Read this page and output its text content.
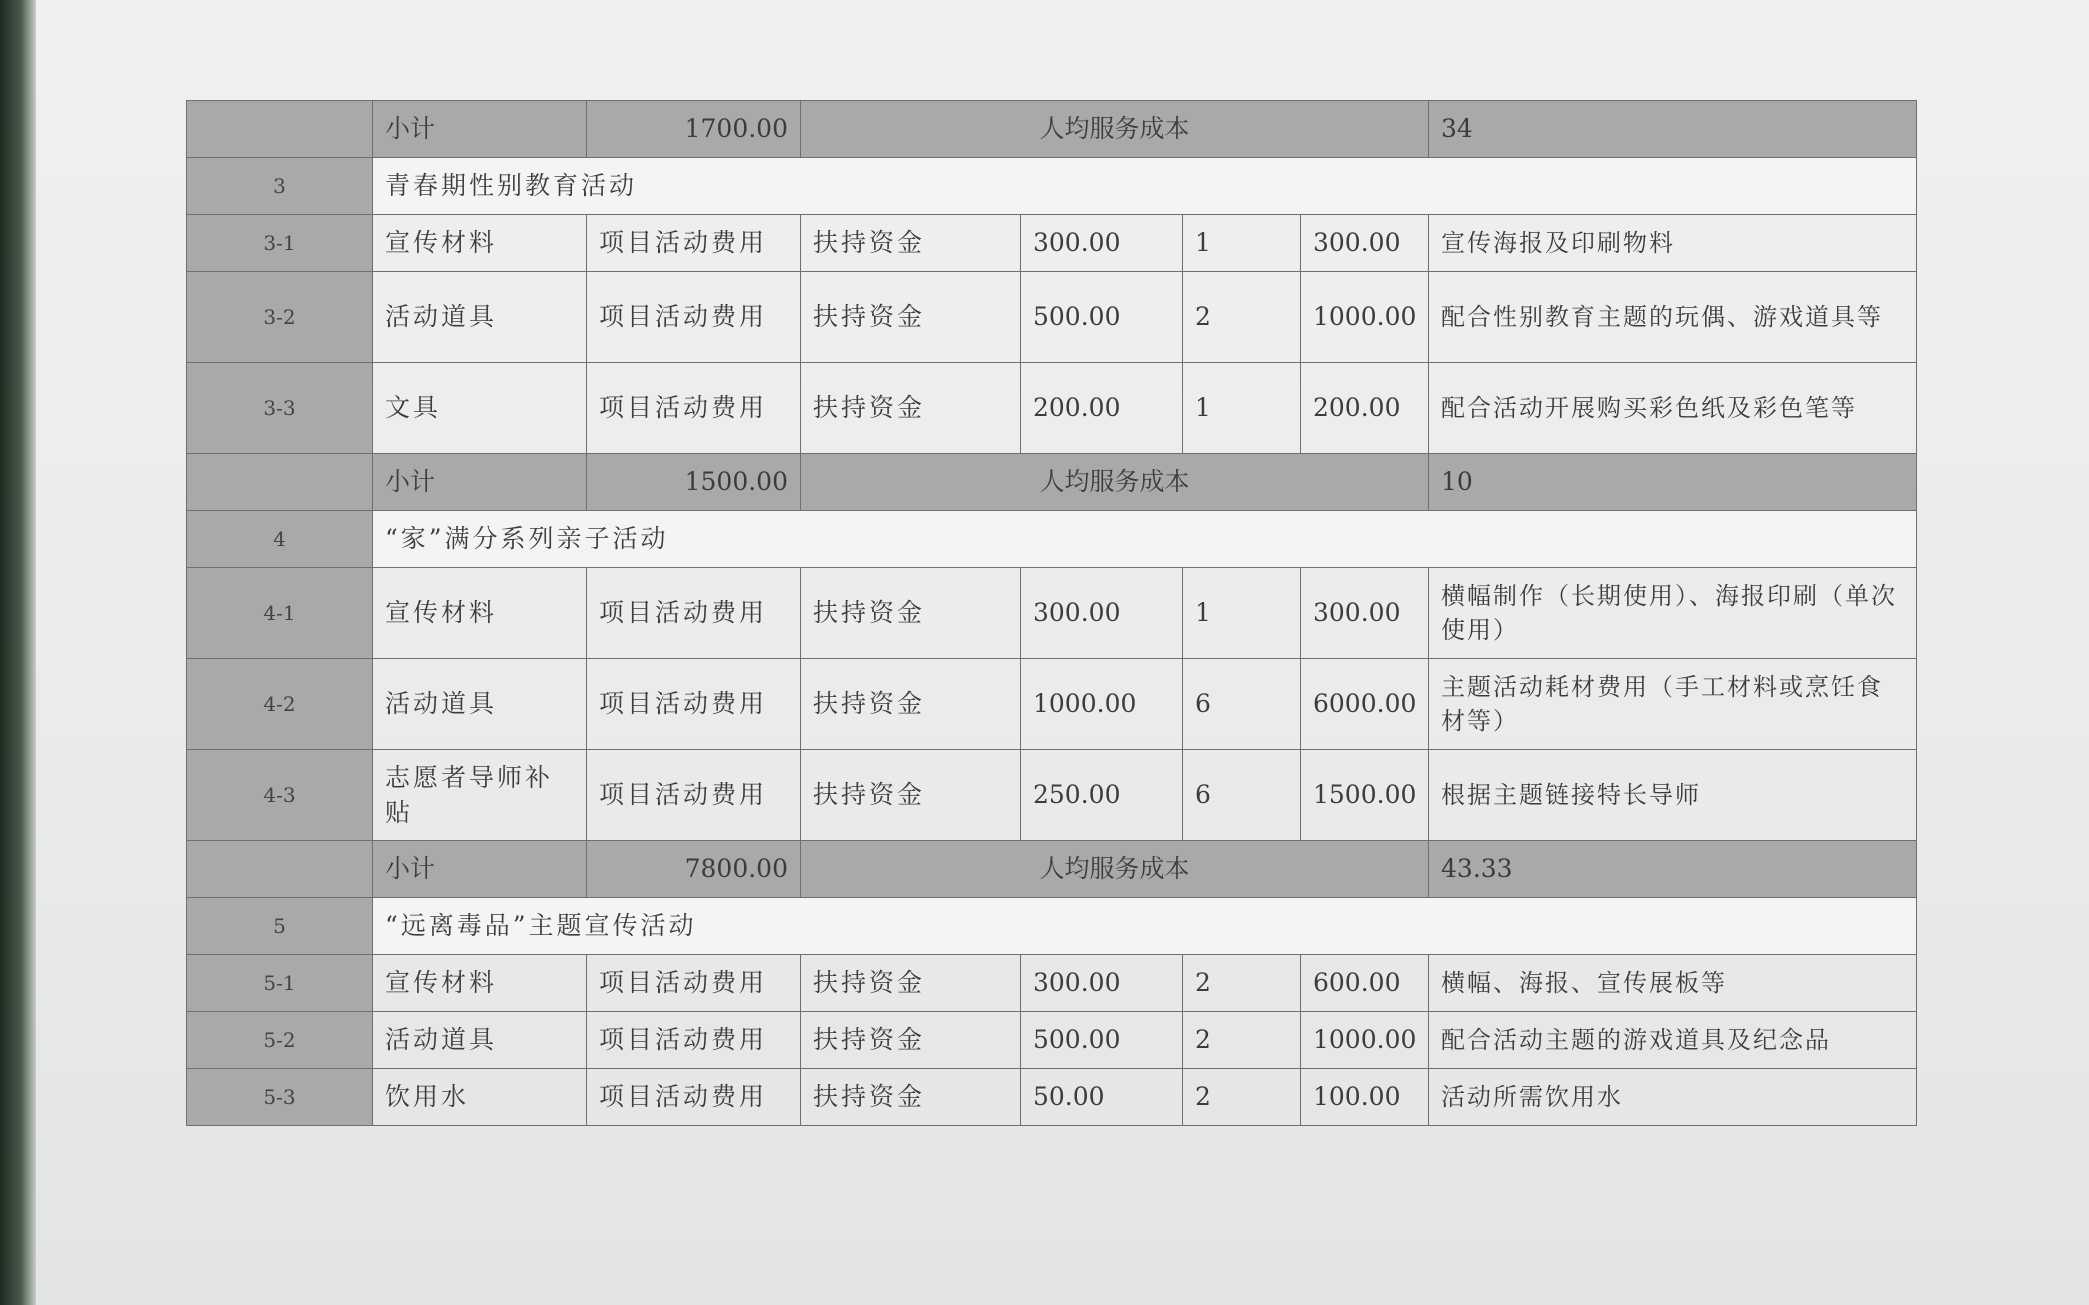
	小计	1700.00	人均服务成本				34
3	青春期性别教育活动						
3-1	宣传材料	项目活动费用	扶持资金	300.00	1	300.00	宣传海报及印刷物料
3-2	活动道具	项目活动费用	扶持资金	500.00	2	1000.00	配合性别教育主题的玩偶、游戏道具等
3-3	文具	项目活动费用	扶持资金	200.00	1	200.00	配合活动开展购买彩色纸及彩色笔等
	小计	1500.00	人均服务成本				10
4	“家”满分系列亲子活动						
4-1	宣传材料	项目活动费用	扶持资金	300.00	1	300.00	横幅制作（长期使用）、海报印刷（单次使用）
4-2	活动道具	项目活动费用	扶持资金	1000.00	6	6000.00	主题活动耗材费用（手工材料或烹饪食材等）
4-3	志愿者导师补贴	项目活动费用	扶持资金	250.00	6	1500.00	根据主题链接特长导师
	小计	7800.00	人均服务成本				43.33
5	“远离毒品”主题宣传活动						
5-1	宣传材料	项目活动费用	扶持资金	300.00	2	600.00	横幅、海报、宣传展板等
5-2	活动道具	项目活动费用	扶持资金	500.00	2	1000.00	配合活动主题的游戏道具及纪念品
5-3	饮用水	项目活动费用	扶持资金	50.00	2	100.00	活动所需饮用水
